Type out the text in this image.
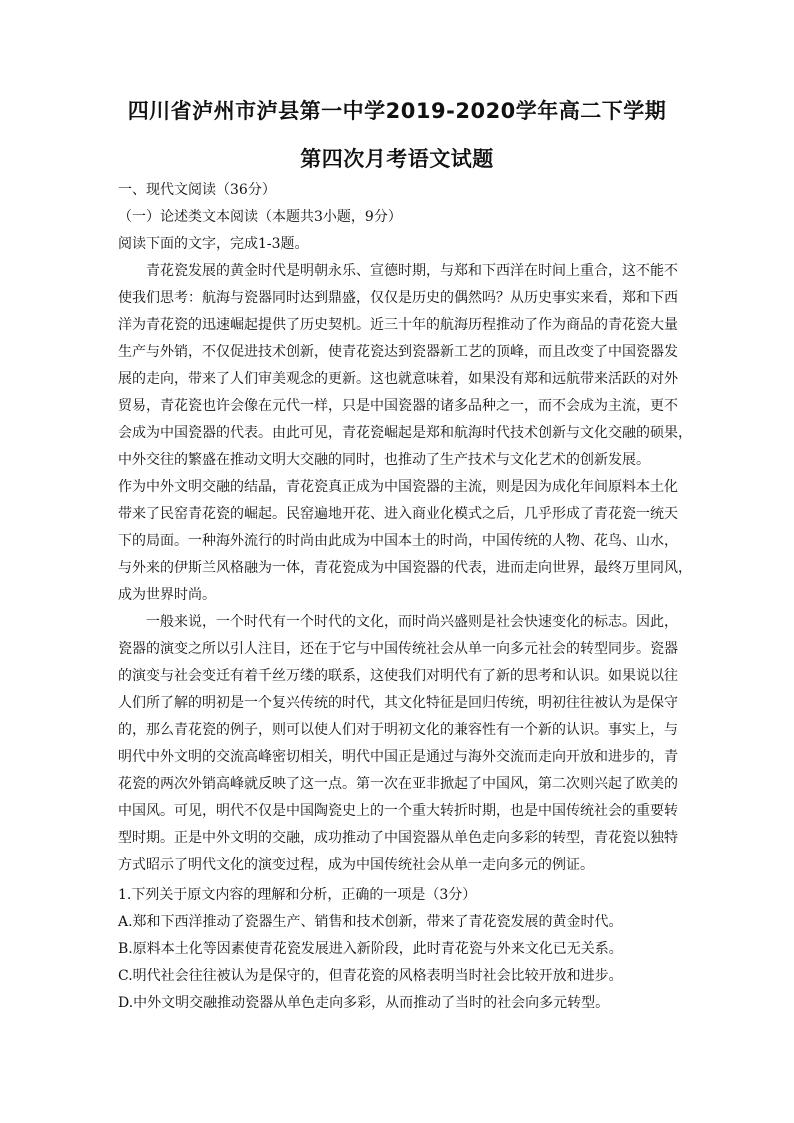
四川省泸州市泸县第一中学2019-2020学年高二下学期
第四次月考语文试题

一、现代文阅读（36分）

（一）论述类文本阅读（本题共3小题，9分）

阅读下面的文字，完成1-3题。

　　青花瓷发展的黄金时代是明朝永乐、宣德时期，与郑和下西洋在时间上重合，这不能不

使我们思考：航海与瓷器同时达到鼎盛，仅仅是历史的偶然吗？从历史事实来看，郑和下西

洋为青花瓷的迅速崛起提供了历史契机。近三十年的航海历程推动了作为商品的青花瓷大量

生产与外销，不仅促进技术创新，使青花瓷达到瓷器新工艺的顶峰，而且改变了中国瓷器发

展的走向，带来了人们审美观念的更新。这也就意味着，如果没有郑和远航带来活跃的对外

贸易，青花瓷也许会像在元代一样，只是中国瓷器的诸多品种之一，而不会成为主流，更不

会成为中国瓷器的代表。由此可见，青花瓷崛起是郑和航海时代技术创新与文化交融的硕果，

中外交往的繁盛在推动文明大交融的同时，也推动了生产技术与文化艺术的创新发展。

作为中外文明交融的结晶，青花瓷真正成为中国瓷器的主流，则是因为成化年间原料本土化

带来了民窑青花瓷的崛起。民窑遍地开花、进入商业化模式之后，几乎形成了青花瓷一统天

下的局面。一种海外流行的时尚由此成为中国本土的时尚，中国传统的人物、花鸟、山水，

与外来的伊斯兰风格融为一体，青花瓷成为中国瓷器的代表，进而走向世界，最终万里同风，

成为世界时尚。

　　一般来说，一个时代有一个时代的文化，而时尚兴盛则是社会快速变化的标志。因此，

瓷器的演变之所以引人注目，还在于它与中国传统社会从单一向多元社会的转型同步。瓷器

的演变与社会变迁有着千丝万缕的联系，这使我们对明代有了新的思考和认识。如果说以往

人们所了解的明初是一个复兴传统的时代，其文化特征是回归传统，明初往往被认为是保守

的，那么青花瓷的例子，则可以使人们对于明初文化的兼容性有一个新的认识。事实上，与

明代中外文明的交流高峰密切相关，明代中国正是通过与海外交流而走向开放和进步的，青

花瓷的两次外销高峰就反映了这一点。第一次在亚非掀起了中国风，第二次则兴起了欧美的

中国风。可见，明代不仅是中国陶瓷史上的一个重大转折时期，也是中国传统社会的重要转

型时期。正是中外文明的交融，成功推动了中国瓷器从单色走向多彩的转型，青花瓷以独特

方式昭示了明代文化的演变过程，成为中国传统社会从单一走向多元的例证。

1.下列关于原文内容的理解和分析，正确的一项是（3分）

A.郑和下西洋推动了瓷器生产、销售和技术创新，带来了青花瓷发展的黄金时代。

B.原料本土化等因素使青花瓷发展进入新阶段，此时青花瓷与外来文化已无关系。

C.明代社会往往被认为是保守的，但青花瓷的风格表明当时社会比较开放和进步。

D.中外文明交融推动瓷器从单色走向多彩，从而推动了当时的社会向多元转型。
